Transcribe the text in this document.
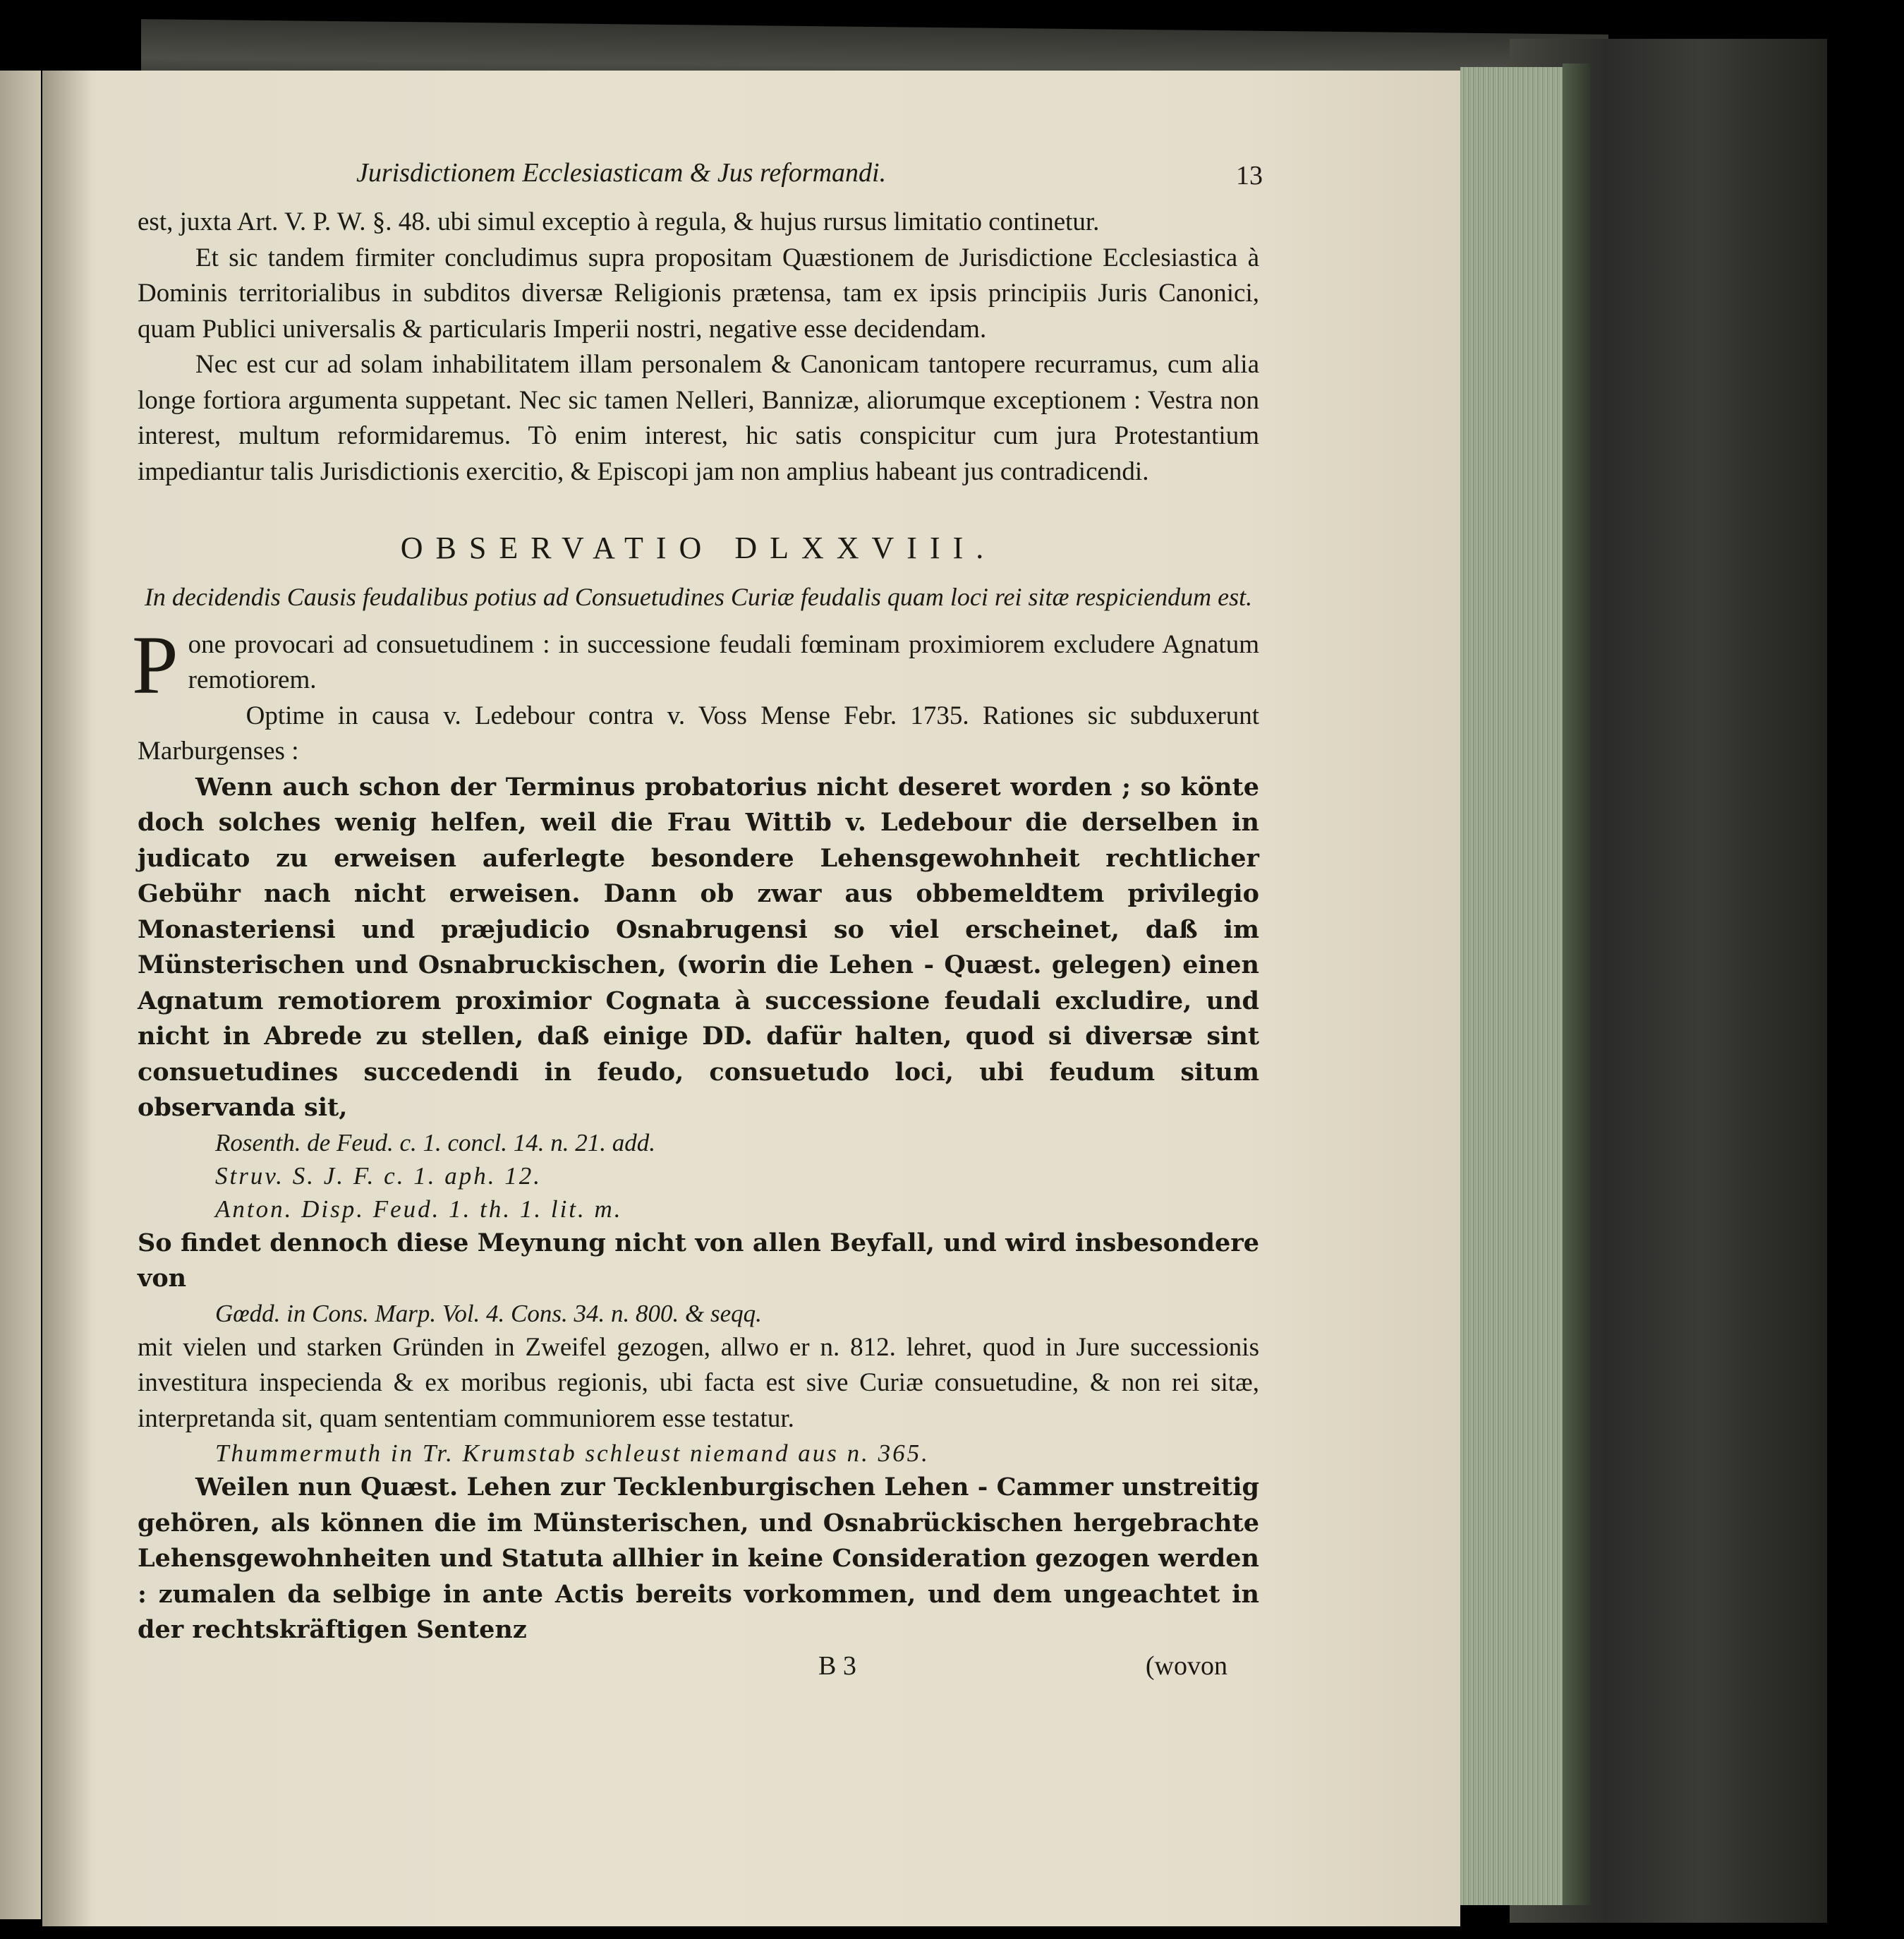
Jurisdictionem Ecclesiasticam & Jus reformandi.	13

est, juxta Art. V. P. W. §. 48. ubi simul exceptio à regula, & hujus rursus limitatio continetur.

Et sic tandem firmiter concludimus supra propositam Quæstionem de Jurisdictione Ecclesiastica à Dominis territorialibus in subditos diversæ Religionis prætensa, tam ex ipsis principiis Juris Canonici, quam Publici universalis & particularis Imperii nostri, negative esse decidendam.

Nec est cur ad solam inhabilitatem illam personalem & Canonicam tantopere recurramus, cum alia longe fortiora argumenta suppetant. Nec sic tamen Nelleri, Bannizæ, aliorumque exceptionem : Vestra non interest, multum reformidaremus. Tò enim interest, hic satis conspicitur cum jura Protestantium impediantur talis Jurisdictionis exercitio, & Episcopi jam non amplius habeant jus contradicendi.

OBSERVATIO DLXXVIII.
In decidendis Causis feudalibus potius ad Consuetudines Curiæ feudalis quam loci rei sitæ respiciendum est.

Pone provocari ad consuetudinem : in successione feudali fœminam proximiorem excludere Agnatum remotiorem.

Optime in causa v. Ledebour contra v. Voss Mense Febr. 1735. Rationes sic subduxerunt Marburgenses :

Wenn auch schon der Terminus probatorius nicht deseret worden ; so könte doch solches wenig helfen, weil die Frau Wittib v. Ledebour die derselben in judicato zu erweisen auferlegte besondere Lehensgewohnheit rechtlicher Gebühr nach nicht erweisen. Dann ob zwar aus obbemeldtem privilegio Monasteriensi und præjudicio Osnabrugensi so viel erscheinet, daß im Münsterischen und Osnabruckischen, (worin die Lehen - Quæst. gelegen) einen Agnatum remotiorem proximior Cognata à successione feudali excludire, und nicht in Abrede zu stellen, daß einige DD. dafür halten, quod si diversæ sint consuetudines succedendi in feudo, consuetudo loci, ubi feudum situm observanda sit,

Rosenth. de Feud. c. 1. concl. 14. n. 21. add.
Struv. S. J. F. c. 1. aph. 12.
Anton. Disp. Feud. 1. th. 1. lit. m.

So findet dennoch diese Meynung nicht von allen Beyfall, und wird insbesondere von

Gœdd. in Cons. Marp. Vol. 4. Cons. 34. n. 800. & seqq.

mit vielen und starken Gründen in Zweifel gezogen, allwo er n. 812. lehret, quod in Jure successionis investitura inspecienda & ex moribus regionis, ubi facta est sive Curiæ consuetudine, & non rei sitæ, interpretanda sit, quam sententiam communiorem esse testatur.

Thummermuth in Tr. Krumstab schleust niemand aus n. 365.

Weilen nun Quæst. Lehen zur Tecklenburgischen Lehen - Cammer unstreitig gehören, als können die im Münsterischen, und Osnabrückischen hergebrachte Lehensgewohnheiten und Statuta allhier in keine Consideration gezogen werden : zumalen da selbige in ante Actis bereits vorkommen, und dem ungeachtet in der rechtskräftigen Sentenz

B 3	(wovon
